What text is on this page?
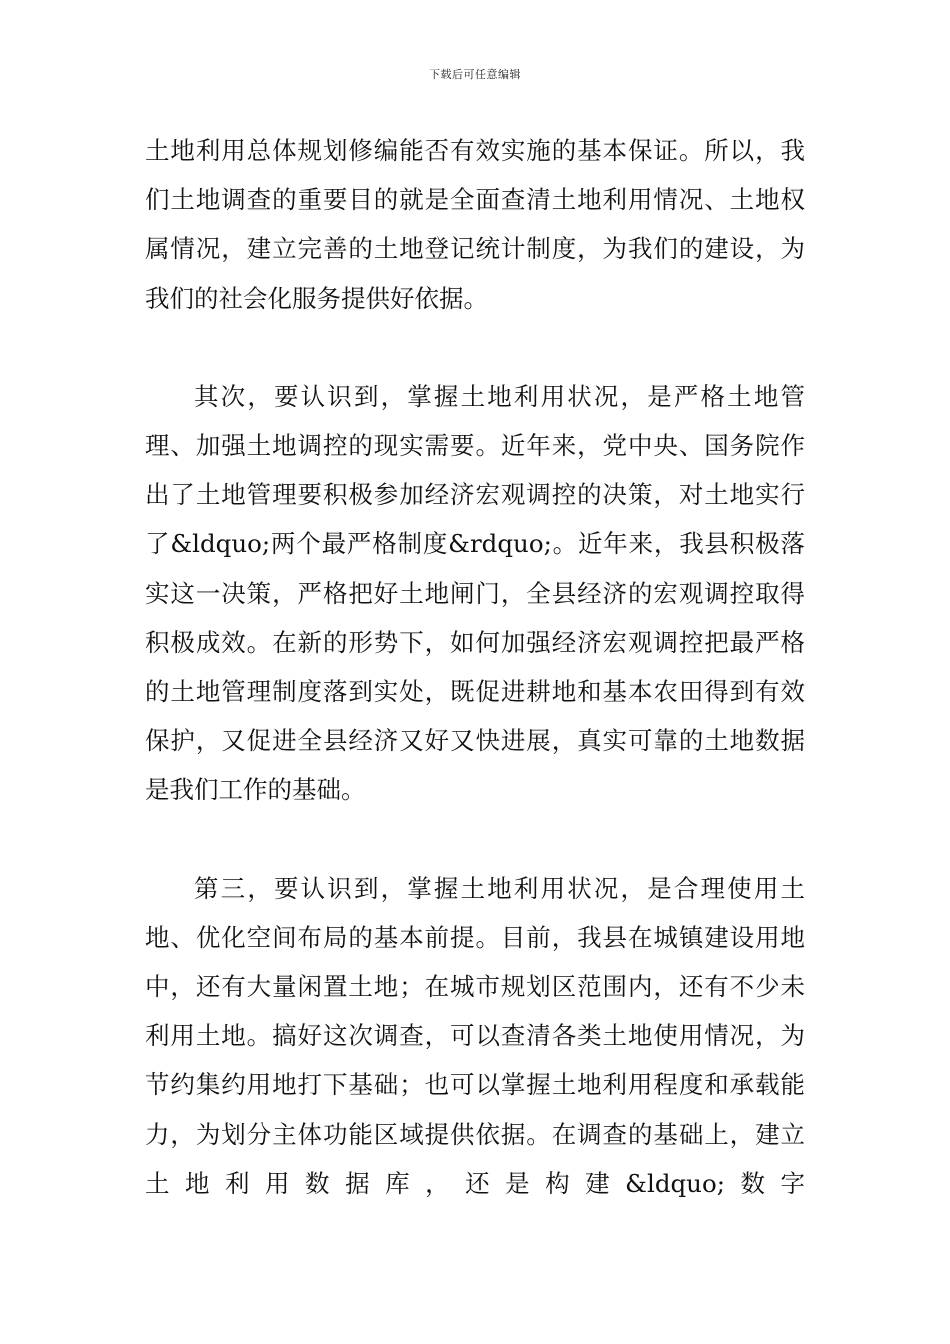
下载后可任意编辑

土地利用总体规划修编能否有效实施的基本保证。所以，我们土地调查的重要目的就是全面查清土地利用情况、土地权属情况，建立完善的土地登记统计制度，为我们的建设，为我们的社会化服务提供好依据。

其次，要认识到，掌握土地利用状况，是严格土地管理、加强土地调控的现实需要。近年来，党中央、国务院作出了土地管理要积极参加经济宏观调控的决策，对土地实行了&ldquo;两个最严格制度&rdquo;。近年来，我县积极落实这一决策，严格把好土地闸门，全县经济的宏观调控取得积极成效。在新的形势下，如何加强经济宏观调控把最严格的土地管理制度落到实处，既促进耕地和基本农田得到有效保护，又促进全县经济又好又快进展，真实可靠的土地数据是我们工作的基础。

第三，要认识到，掌握土地利用状况，是合理使用土地、优化空间布局的基本前提。目前，我县在城镇建设用地中，还有大量闲置土地；在城市规划区范围内，还有不少未利用土地。搞好这次调查，可以查清各类土地使用情况，为节约集约用地打下基础；也可以掌握土地利用程度和承载能力，为划分主体功能区域提供依据。在调查的基础上，建立土地利用数据库，还是构建&ldquo;数字
